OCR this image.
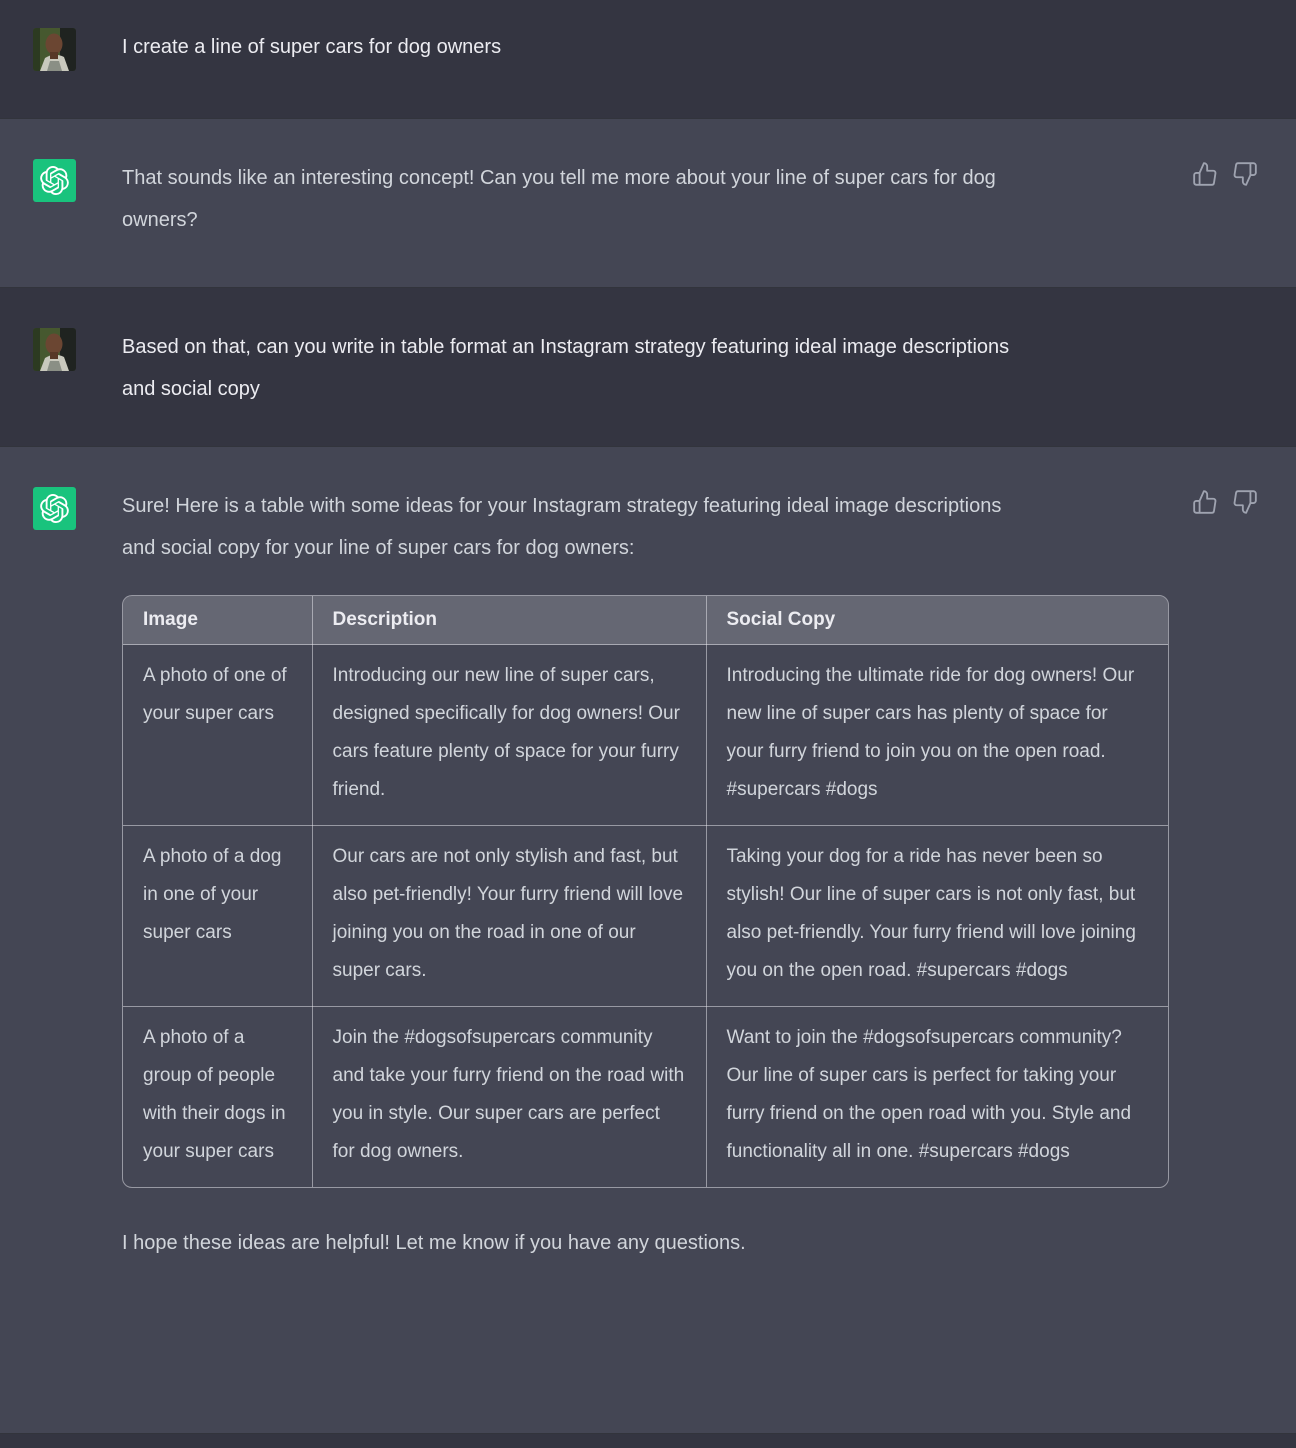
I create a line of super cars for dog owners

That sounds like an interesting concept! Can you tell me more about your line of super cars for dog owners?

Based on that, can you write in table format an Instagram strategy featuring ideal image descriptions and social copy

Sure! Here is a table with some ideas for your Instagram strategy featuring ideal image descriptions and social copy for your line of super cars for dog owners:

Image	Description	Social Copy
A photo of one of your super cars	Introducing our new line of super cars, designed specifically for dog owners! Our cars feature plenty of space for your furry friend.	Introducing the ultimate ride for dog owners! Our new line of super cars has plenty of space for your furry friend to join you on the open road. #supercars #dogs
A photo of a dog in one of your super cars	Our cars are not only stylish and fast, but also pet-friendly! Your furry friend will love joining you on the road in one of our super cars.	Taking your dog for a ride has never been so stylish! Our line of super cars is not only fast, but also pet-friendly. Your furry friend will love joining you on the open road. #supercars #dogs
A photo of a group of people with their dogs in your super cars	Join the #dogsofsupercars community and take your furry friend on the road with you in style. Our super cars are perfect for dog owners.	Want to join the #dogsofsupercars community? Our line of super cars is perfect for taking your furry friend on the open road with you. Style and functionality all in one. #supercars #dogs

I hope these ideas are helpful! Let me know if you have any questions.
